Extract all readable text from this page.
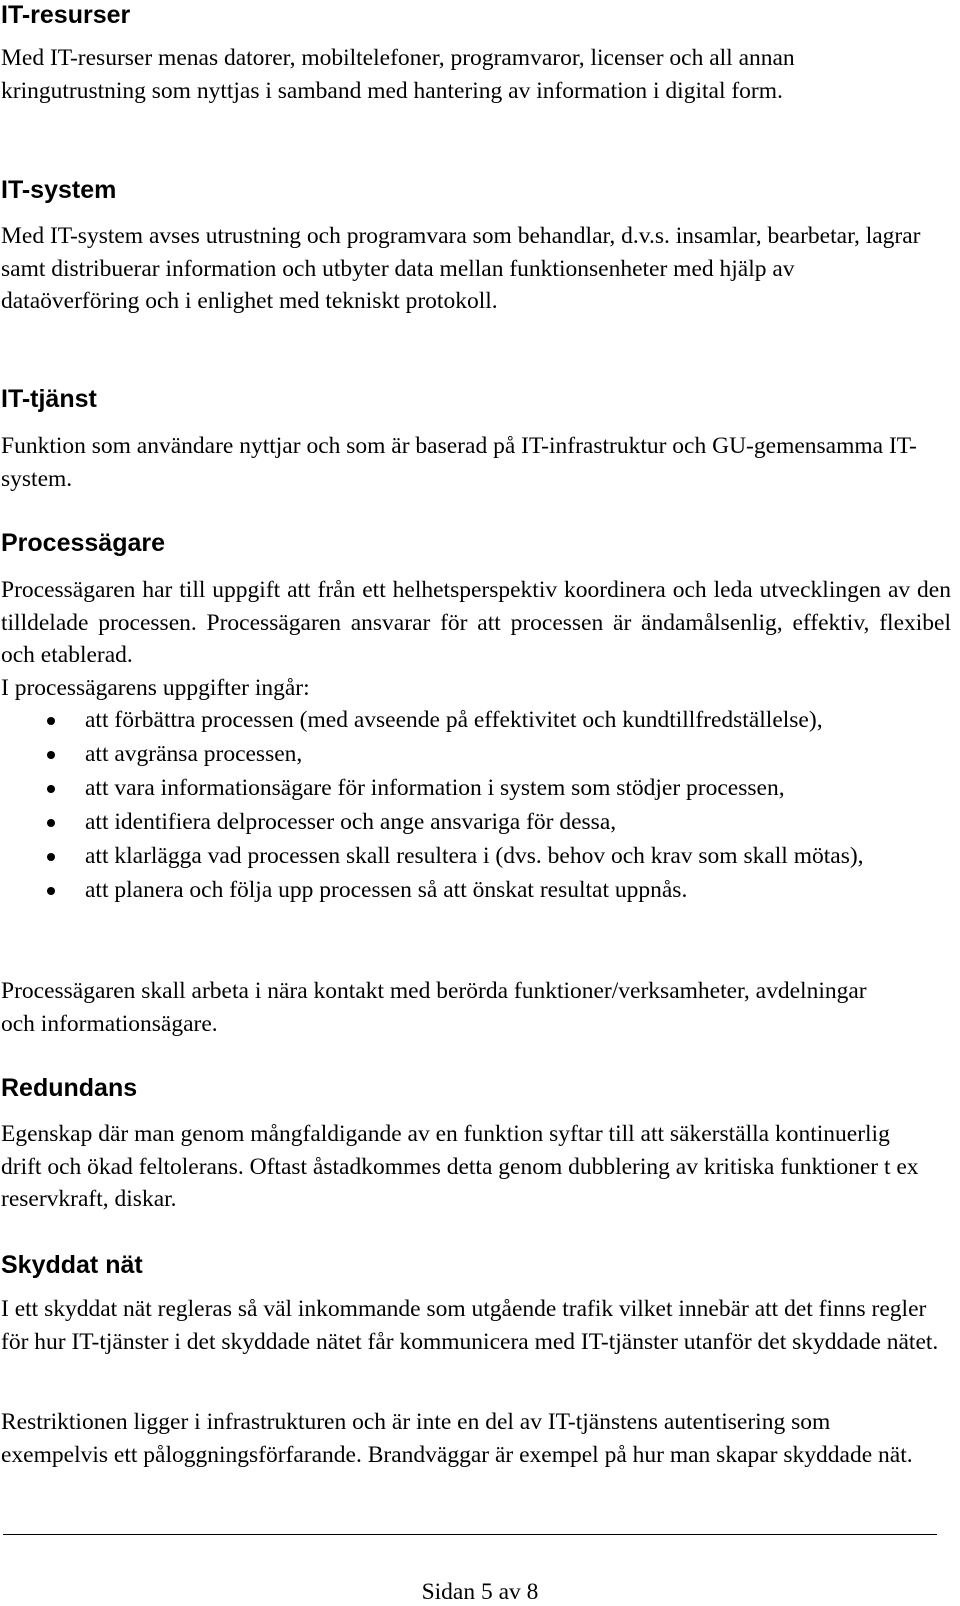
IT-resurser

Med IT-resurser menas datorer, mobiltelefoner, programvaror, licenser och all annan kringutrustning som nyttjas i samband med hantering av information i digital form.

IT-system

Med IT-system avses utrustning och programvara som behandlar, d.v.s. insamlar, bearbetar, lagrar samt distribuerar information och utbyter data mellan funktionsenheter med hjälp av dataöverföring och i enlighet med tekniskt protokoll.

IT-tjänst

Funktion som användare nyttjar och som är baserad på IT-infrastruktur och GU-gemensamma IT-system.

Processägare

Processägaren har till uppgift att från ett helhetsperspektiv koordinera och leda utvecklingen av den tilldelade processen. Processägaren ansvarar för att processen är ändamålsenlig, effektiv, flexibel och etablerad.

I processägarens uppgifter ingår:

att förbättra processen (med avseende på effektivitet och kundtillfredställelse),
att avgränsa processen,
att vara informationsägare för information i system som stödjer processen,
att identifiera delprocesser och ange ansvariga för dessa,
att klarlägga vad processen skall resultera i (dvs. behov och krav som skall mötas),
att planera och följa upp processen så att önskat resultat uppnås.

Processägaren skall arbeta i nära kontakt med berörda funktioner/verksamheter, avdelningar och informationsägare.

Redundans

Egenskap där man genom mångfaldigande av en funktion syftar till att säkerställa kontinuerlig drift och ökad feltolerans. Oftast åstadkommes detta genom dubblering av kritiska funktioner t ex reservkraft, diskar.

Skyddat nät

I ett skyddat nät regleras så väl inkommande som utgående trafik vilket innebär att det finns regler för hur IT-tjänster i det skyddade nätet får kommunicera med IT-tjänster utanför det skyddade nätet.

Restriktionen ligger i infrastrukturen och är inte en del av IT-tjänstens autentisering som exempelvis ett påloggningsförfarande. Brandväggar är exempel på hur man skapar skyddade nät.

Sidan 5 av 8
